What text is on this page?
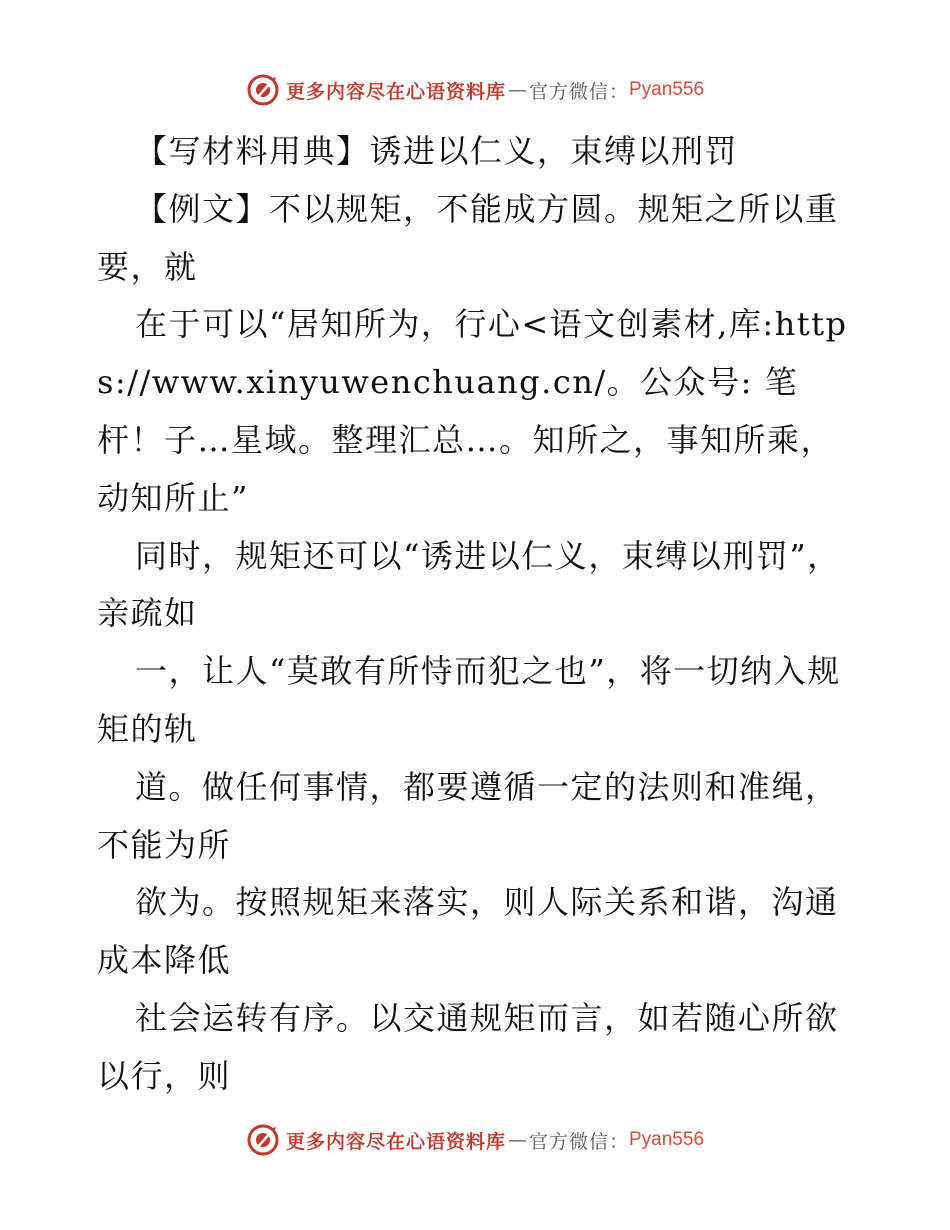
更多内容尽在心语资料库 — 官方微信： Pyan556

【写材料用典】诱进以仁义，束缚以刑罚

【例文】不以规矩，不能成方圆。规矩之所以重要，就

在于可以“居知所为，行心<语文创素材,库:https://www.xinyuwenchuang.cn/。公众号: 笔杆！子…星域。整理汇总…。知所之，事知所乘，动知所止”

同时，规矩还可以“诱进以仁义，束缚以刑罚”，亲疏如

一，让人“莫敢有所恃而犯之也”，将一切纳入规矩的轨

道。做任何事情，都要遵循一定的法则和准绳，不能为所

欲为。按照规矩来落实，则人际关系和谐，沟通成本降低

社会运转有序。以交通规矩而言，如若随心所欲以行，则

更多内容尽在心语资料库 — 官方微信： Pyan556
